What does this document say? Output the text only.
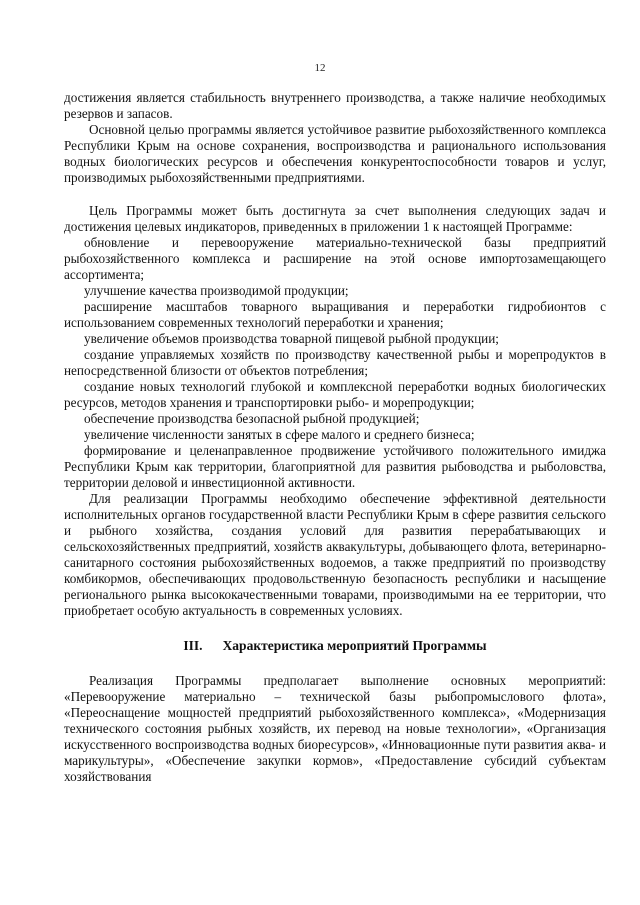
12

достижения является стабильность внутреннего производства, а также наличие необходимых резервов и запасов.

Основной целью программы является устойчивое развитие рыбохозяйственного комплекса Республики Крым на основе сохранения, воспроизводства и рационального использования водных биологических ресурсов и обеспечения конкурентоспособности товаров и услуг, производимых рыбохозяйственными предприятиями.

Цель Программы может быть достигнута за счет выполнения следующих задач и достижения целевых индикаторов, приведенных в приложении 1 к настоящей Программе:

обновление и перевооружение материально-технической базы предприятий рыбохозяйственного комплекса и расширение на этой основе импортозамещающего ассортимента;

улучшение качества производимой продукции;

расширение масштабов товарного выращивания и переработки гидробионтов с использованием современных технологий переработки и хранения;

увеличение объемов производства товарной пищевой рыбной продукции;

создание управляемых хозяйств по производству качественной рыбы и морепродуктов в непосредственной близости от объектов потребления;

создание новых технологий глубокой и комплексной переработки водных биологических ресурсов, методов хранения и транспортировки рыбо- и морепродукции;

обеспечение производства безопасной рыбной продукцией;

увеличение численности занятых в сфере малого и среднего бизнеса;

формирование и целенаправленное продвижение устойчивого положительного имиджа Республики Крым как территории, благоприятной для развития рыбоводства и рыболовства, территории деловой и инвестиционной активности.

Для реализации Программы необходимо обеспечение эффективной деятельности исполнительных органов государственной власти Республики Крым в сфере развития сельского и рыбного хозяйства, создания условий для развития перерабатывающих и сельскохозяйственных предприятий, хозяйств аквакультуры, добывающего флота, ветеринарно-санитарного состояния рыбохозяйственных водоемов, а также предприятий по производству комбикормов, обеспечивающих продовольственную безопасность республики и насыщение регионального рынка высококачественными товарами, производимыми на ее территории, что приобретает особую актуальность в современных условиях.

III. Характеристика мероприятий Программы

Реализация Программы предполагает выполнение основных мероприятий: «Перевооружение материально – технической базы рыбопромыслового флота», «Переоснащение мощностей предприятий рыбохозяйственного комплекса», «Модернизация технического состояния рыбных хозяйств, их перевод на новые технологии», «Организация искусственного воспроизводства водных биоресурсов», «Инновационные пути развития аква- и марикультуры», «Обеспечение закупки кормов», «Предоставление субсидий субъектам хозяйствования
